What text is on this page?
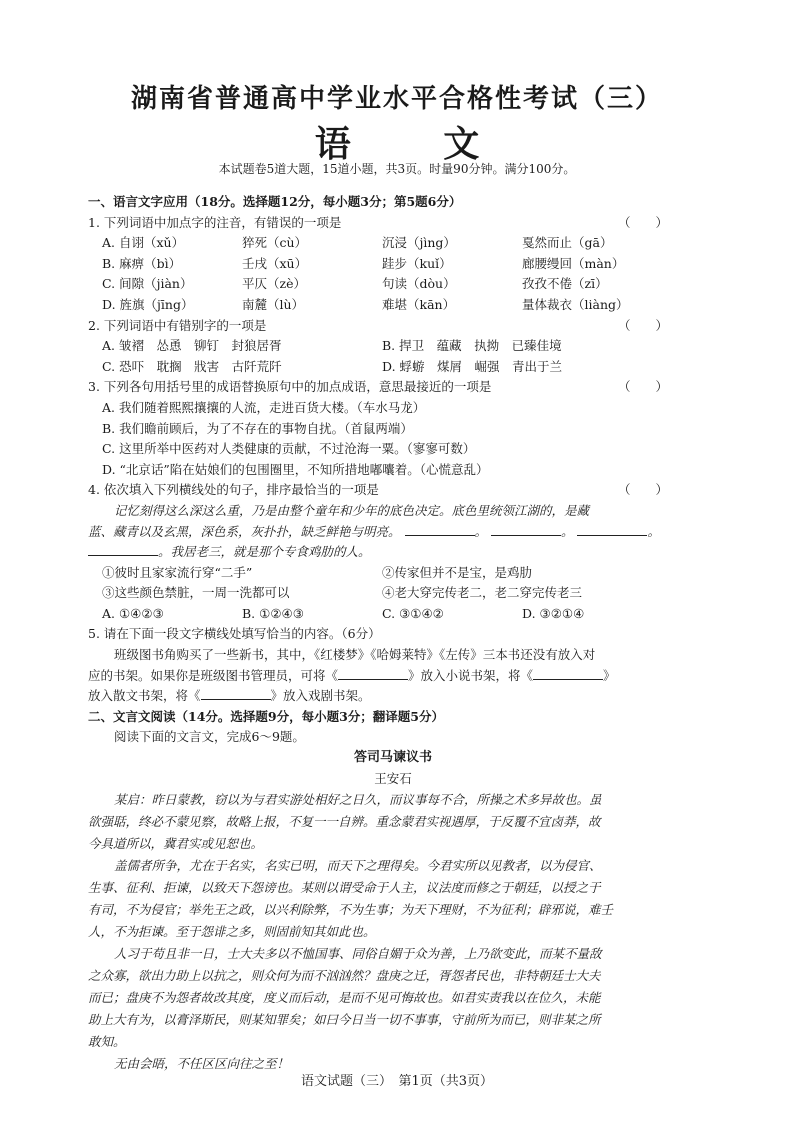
湖南省普通高中学业水平合格性考试（三）
语 文
本试题卷5道大题，15道小题，共3页。时量90分钟。满分100分。
一、语言文字应用（18分。选择题12分，每小题3分；第5题6分）
1. 下列词语中加点字的注音，有错误的一项是	（　　）
A. 自诩（xǔ）	猝死（cù）	沉浸（jìng）	戛然而止（gā）
B. 麻痹（bì）	壬戌（xū）	跬步（kuǐ）	廊腰缦回（màn）
C. 间隙（jiàn）	平仄（zè）	句读（dòu）	孜孜不倦（zī）
D. 旌旗（jīng）	南麓（lù）	难堪（kān）	量体裁衣（liàng）
2. 下列词语中有错别字的一项是	（　　）
A. 皱褶　怂恿　铆钉　封狼居胥	B. 捍卫　蕴藏　执拗　已臻佳境
C. 恐吓　耽搁　戕害　古阡荒阡	D. 蜉蝣　煤屑　崛强　青出于兰
3. 下列各句用括号里的成语替换原句中的加点成语，意思最接近的一项是	（　　）
A. 我们随着熙熙攘攘的人流，走进百货大楼。（车水马龙）
B. 我们瞻前顾后，为了不存在的事物自扰。（首鼠两端）
C. 这里所举中医药对人类健康的贡献，不过沧海一粟。（寥寥可数）
D. “北京话”陷在姑娘们的包围圈里，不知所措地嘟囔着。（心慌意乱）
4. 依次填入下列横线处的句子，排序最恰当的一项是	（　　）
记忆刻得这么深这么重，乃是由整个童年和少年的底色决定。底色里统领江湖的，是藏
蓝、藏青以及玄黑，深色系，灰扑扑，缺乏鲜艳与明亮。	。	。	。
。我居老三，就是那个专食鸡肋的人。
①彼时且家家流行穿“二手”	②传家但并不是宝，是鸡肋
③这些颜色禁脏，一周一洗都可以	④老大穿完传老二，老二穿完传老三
A. ①④②③	B. ①②④③	C. ③①④②	D. ③②①④
5. 请在下面一段文字横线处填写恰当的内容。（6分）
班级图书角购买了一些新书，其中，《红楼梦》《哈姆莱特》《左传》三本书还没有放入对
应的书架。如果你是班级图书管理员，可将《	》放入小说书架，将《	》
放入散文书架，将《	》放入戏剧书架。
二、文言文阅读（14分。选择题9分，每小题3分；翻译题5分）
阅读下面的文言文，完成6～9题。
答司马谏议书
王安石
某启：昨日蒙教，窃以为与君实游处相好之日久，而议事每不合，所操之术多异故也。虽
欲强聒，终必不蒙见察，故略上报，不复一一自辨。重念蒙君实视遇厚，于反覆不宜卤莽，故
今具道所以，冀君实或见恕也。
盖儒者所争，尤在于名实，名实已明，而天下之理得矣。今君实所以见教者，以为侵官、
生事、征利、拒谏，以致天下怨谤也。某则以谓受命于人主，议法度而修之于朝廷，以授之于
有司，不为侵官；举先王之政，以兴利除弊，不为生事；为天下理财，不为征利；辟邪说，难壬
人，不为拒谏。至于怨诽之多，则固前知其如此也。
人习于苟且非一日，士大夫多以不恤国事、同俗自媚于众为善，上乃欲变此，而某不量敌
之众寡，欲出力助上以抗之，则众何为而不汹汹然？盘庚之迁，胥怨者民也，非特朝廷士大夫
而已；盘庚不为怨者故改其度，度义而后动，是而不见可悔故也。如君实责我以在位久，未能
助上大有为，以膏泽斯民，则某知罪矣；如曰今日当一切不事事，守前所为而已，则非某之所
敢知。
无由会晤，不任区区向往之至！
语文试题（三）　第1页（共3页）
